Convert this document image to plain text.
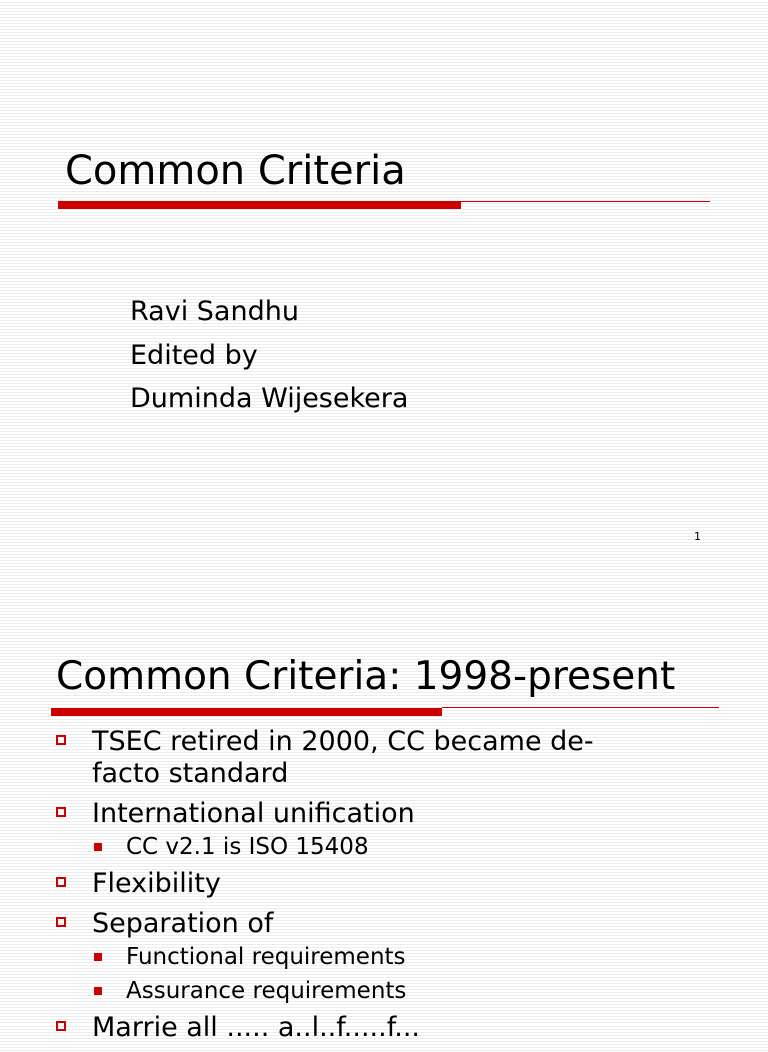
Common Criteria
Ravi Sandhu
Edited by
Duminda Wijesekera
1
Common Criteria: 1998-present
TSEC retired in 2000, CC became de-facto standard
International unification
CC v2.1 is ISO 15408
Flexibility
Separation of
Functional requirements
Assurance requirements
Marrie all ..... a..l..f.....f...
